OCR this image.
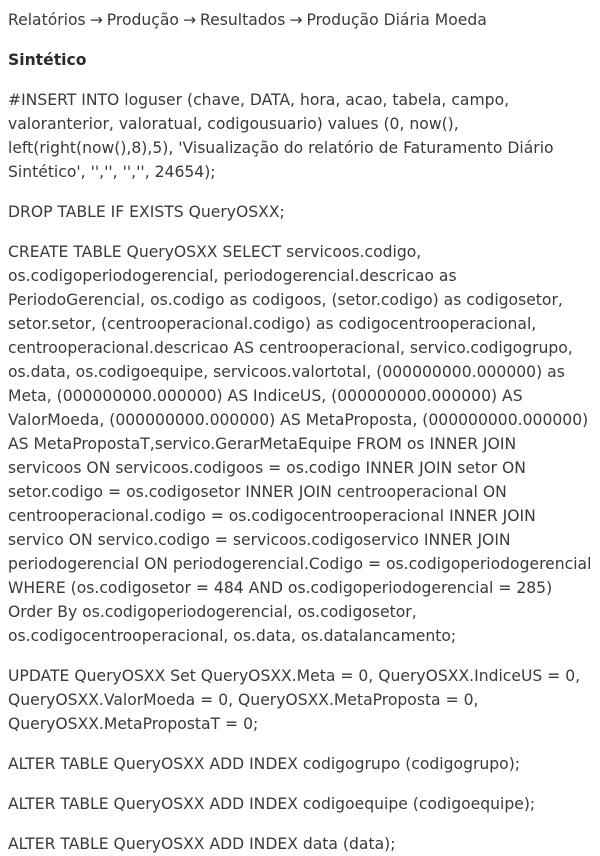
Relatórios → Produção → Resultados → Produção Diária Moeda
Sintético
#INSERT INTO loguser (chave, DATA, hora, acao, tabela, campo, valoranterior, valoratual, codigousuario) values (0, now(), left(right(now(),8),5), 'Visualização do relatório de Faturamento Diário Sintético', '','', '','', 24654);
DROP TABLE IF EXISTS QueryOSXX;
CREATE TABLE QueryOSXX SELECT servicoos.codigo, os.codigoperiodogerencial, periodogerencial.descricao as PeriodoGerencial, os.codigo as codigoos, (setor.codigo) as codigosetor, setor.setor, (centrooperacional.codigo) as codigocentrooperacional, centrooperacional.descricao AS centrooperacional, servico.codigogrupo, os.data, os.codigoequipe, servicoos.valortotal, (000000000.000000) as Meta, (000000000.000000) AS IndiceUS, (000000000.000000) AS ValorMoeda, (000000000.000000) AS MetaProposta, (000000000.000000) AS MetaPropostaT,servico.GerarMetaEquipe FROM os INNER JOIN servicoos ON servicoos.codigoos = os.codigo INNER JOIN setor ON setor.codigo = os.codigosetor INNER JOIN centrooperacional ON centrooperacional.codigo = os.codigocentrooperacional INNER JOIN servico ON servico.codigo = servicoos.codigoservico INNER JOIN periodogerencial ON periodogerencial.Codigo = os.codigoperiodogerencial WHERE (os.codigosetor = 484 AND os.codigoperiodogerencial = 285) Order By os.codigoperiodogerencial, os.codigosetor, os.codigocentrooperacional, os.data, os.datalancamento;
UPDATE QueryOSXX Set QueryOSXX.Meta = 0, QueryOSXX.IndiceUS = 0, QueryOSXX.ValorMoeda = 0, QueryOSXX.MetaProposta = 0, QueryOSXX.MetaPropostaT = 0;
ALTER TABLE QueryOSXX ADD INDEX codigogrupo (codigogrupo);
ALTER TABLE QueryOSXX ADD INDEX codigoequipe (codigoequipe);
ALTER TABLE QueryOSXX ADD INDEX data (data);
